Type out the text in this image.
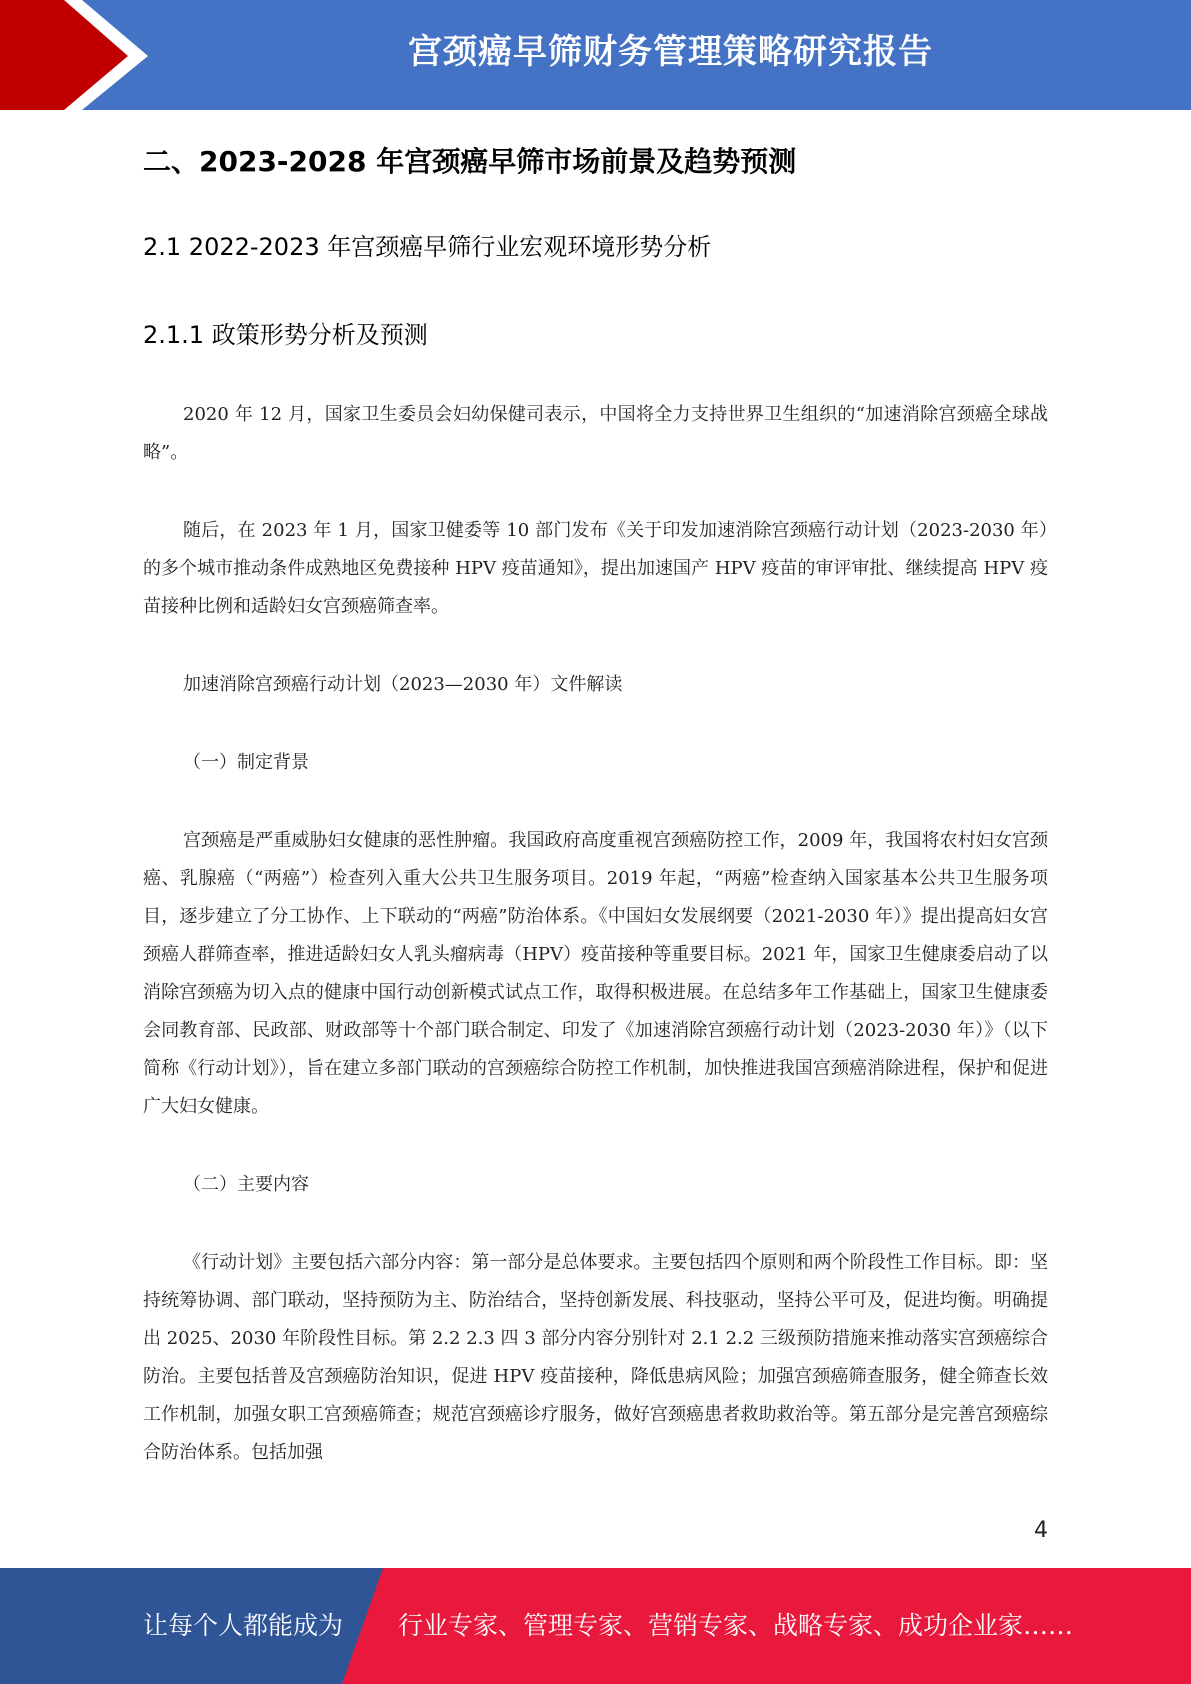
宫颈癌早筛财务管理策略研究报告
二、2023-2028 年宫颈癌早筛市场前景及趋势预测
2.1 2022-2023 年宫颈癌早筛行业宏观环境形势分析
2.1.1 政策形势分析及预测

2020 年 12 月，国家卫生委员会妇幼保健司表示，中国将全力支持世界卫生组织的“加速消除宫颈癌全球战略”。

随后，在 2023 年 1 月，国家卫健委等 10 部门发布《关于印发加速消除宫颈癌行动计划（2023-2030 年）的多个城市推动条件成熟地区免费接种 HPV 疫苗通知》，提出加速国产 HPV 疫苗的审评审批、继续提高 HPV 疫苗接种比例和适龄妇女宫颈癌筛查率。

加速消除宫颈癌行动计划（2023—2030 年）文件解读

（一）制定背景

宫颈癌是严重威胁妇女健康的恶性肿瘤。我国政府高度重视宫颈癌防控工作，2009 年，我国将农村妇女宫颈癌、乳腺癌（“两癌”）检查列入重大公共卫生服务项目。2019 年起，“两癌”检查纳入国家基本公共卫生服务项目，逐步建立了分工协作、上下联动的“两癌”防治体系。《中国妇女发展纲要（2021-2030 年）》提出提高妇女宫颈癌人群筛查率，推进适龄妇女人乳头瘤病毒（HPV）疫苗接种等重要目标。2021 年，国家卫生健康委启动了以消除宫颈癌为切入点的健康中国行动创新模式试点工作，取得积极进展。在总结多年工作基础上，国家卫生健康委会同教育部、民政部、财政部等十个部门联合制定、印发了《加速消除宫颈癌行动计划（2023-2030 年）》（以下简称《行动计划》），旨在建立多部门联动的宫颈癌综合防控工作机制，加快推进我国宫颈癌消除进程，保护和促进广大妇女健康。

（二）主要内容

《行动计划》主要包括六部分内容：第一部分是总体要求。主要包括四个原则和两个阶段性工作目标。即：坚持统筹协调、部门联动，坚持预防为主、防治结合，坚持创新发展、科技驱动，坚持公平可及，促进均衡。明确提出 2025、2030 年阶段性目标。第 2.2 2.3 四 3 部分内容分别针对 2.1 2.2 三级预防措施来推动落实宫颈癌综合防治。主要包括普及宫颈癌防治知识，促进 HPV 疫苗接种，降低患病风险；加强宫颈癌筛查服务，健全筛查长效工作机制，加强女职工宫颈癌筛查；规范宫颈癌诊疗服务，做好宫颈癌患者救助救治等。第五部分是完善宫颈癌综合防治体系。包括加强

4
让每个人都能成为 行业专家、管理专家、营销专家、战略专家、成功企业家……
